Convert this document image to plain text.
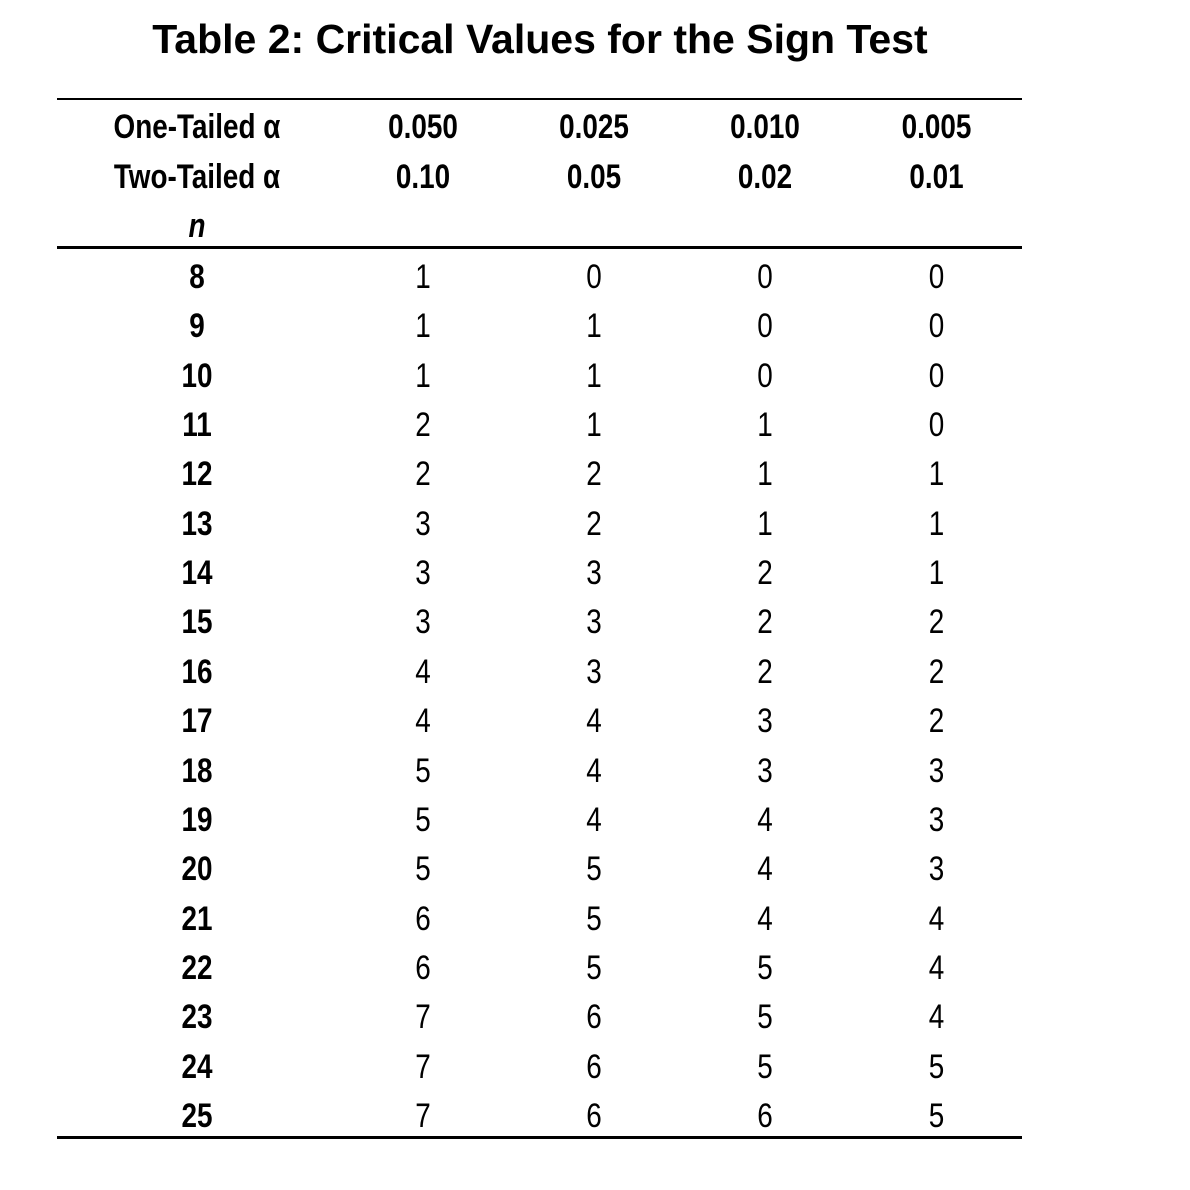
Table 2: Critical Values for the Sign Test
One-Tailed α	0.050	0.025	0.010	0.005
Two-Tailed α	0.10	0.05	0.02	0.01
n
8	1	0	0	0
9	1	1	0	0
10	1	1	0	0
11	2	1	1	0
12	2	2	1	1
13	3	2	1	1
14	3	3	2	1
15	3	3	2	2
16	4	3	2	2
17	4	4	3	2
18	5	4	3	3
19	5	4	4	3
20	5	5	4	3
21	6	5	4	4
22	6	5	5	4
23	7	6	5	4
24	7	6	5	5
25	7	6	6	5
